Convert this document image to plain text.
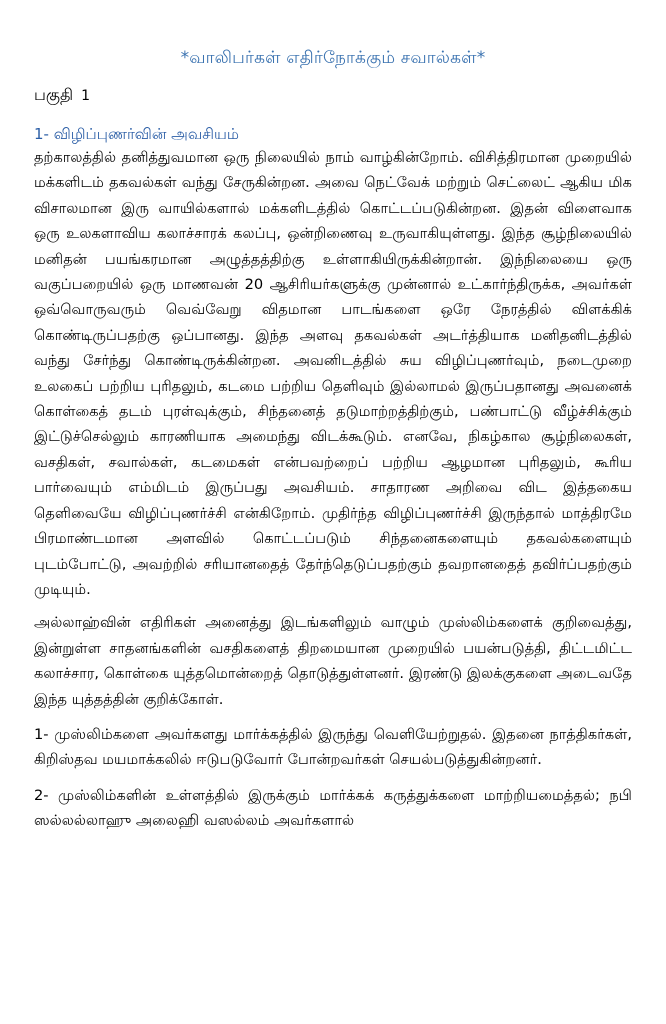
*வாலிபர்கள் எதிர்நோக்கும் சவால்கள்*
பகுதி 1
1- விழிப்புணர்வின் அவசியம்

தற்காலத்தில் தனித்துவமான ஒரு நிலையில் நாம் வாழ்கின்றோம். விசித்திரமான முறையில் மக்களிடம் தகவல்கள் வந்து சேருகின்றன. அவை நெட்வேக் மற்றும் செட்லைட் ஆகிய மிக விசாலமான இரு வாயில்களால் மக்களிடத்தில் கொட்டப்படுகின்றன. இதன் விளைவாக ஒரு உலகளாவிய கலாச்சாரக் கலப்பு, ஒன்றிணைவு உருவாகியுள்ளது. இந்த சூழ்நிலையில் மனிதன் பயங்கரமான அழுத்தத்திற்கு உள்ளாகியிருக்கின்றான். இந்நிலையை ஒரு வகுப்பறையில் ஒரு மாணவன் 20 ஆசிரியர்களுக்கு முன்னால் உட்கார்ந்திருக்க, அவர்கள் ஒவ்வொருவரும் வெவ்வேறு விதமான பாடங்களை ஒரே நேரத்தில் விளக்கிக் கொண்டிருப்பதற்கு ஒப்பானது. இந்த அளவு தகவல்கள் அடர்த்தியாக மனிதனிடத்தில் வந்து சேர்ந்து கொண்டிருக்கின்றன. அவனிடத்தில் சுய விழிப்புணர்வும், நடைமுறை உலகைப் பற்றிய புரிதலும், கடமை பற்றிய தெளிவும் இல்லாமல் இருப்பதானது அவனைக் கொள்கைத் தடம் புரள்வுக்கும், சிந்தனைத் தடுமாற்றத்திற்கும், பண்பாட்டு வீழ்ச்சிக்கும் இட்டுச்செல்லும் காரணியாக அமைந்து விடக்கூடும். எனவே, நிகழ்கால சூழ்நிலைகள், வசதிகள், சவால்கள், கடமைகள் என்பவற்றைப் பற்றிய ஆழமான புரிதலும், கூரிய பார்வையும் எம்மிடம் இருப்பது அவசியம். சாதாரண அறிவை விட இத்தகைய தெளிவையே விழிப்புணர்ச்சி என்கிறோம். முதிர்ந்த விழிப்புணர்ச்சி இருந்தால் மாத்திரமே பிரமாண்டமான அளவில் கொட்டப்படும் சிந்தனைகளையும் தகவல்களையும் புடம்போட்டு, அவற்றில் சரியானதைத் தேர்ந்தெடுப்பதற்கும் தவறானதைத் தவிர்ப்பதற்கும் முடியும்.

அல்லாஹ்வின் எதிரிகள் அனைத்து இடங்களிலும் வாழும் முஸ்லிம்களைக் குறிவைத்து, இன்றுள்ள சாதனங்களின் வசதிகளைத் திறமையான முறையில் பயன்படுத்தி, திட்டமிட்ட கலாச்சார, கொள்கை யுத்தமொன்றைத் தொடுத்துள்ளனர். இரண்டு இலக்குகளை அடைவதே இந்த யுத்தத்தின் குறிக்கோள்.

1- முஸ்லிம்களை அவர்களது மார்க்கத்தில் இருந்து வெளியேற்றுதல். இதனை நாத்திகர்கள், கிறிஸ்தவ மயமாக்கலில் ஈடுபடுவோர் போன்றவர்கள் செயல்படுத்துகின்றனர்.

2- முஸ்லிம்களின் உள்ளத்தில் இருக்கும் மார்க்கக் கருத்துக்களை மாற்றியமைத்தல்; நபி ஸல்லல்லாஹு அலைஹி வஸல்லம் அவர்களால்
